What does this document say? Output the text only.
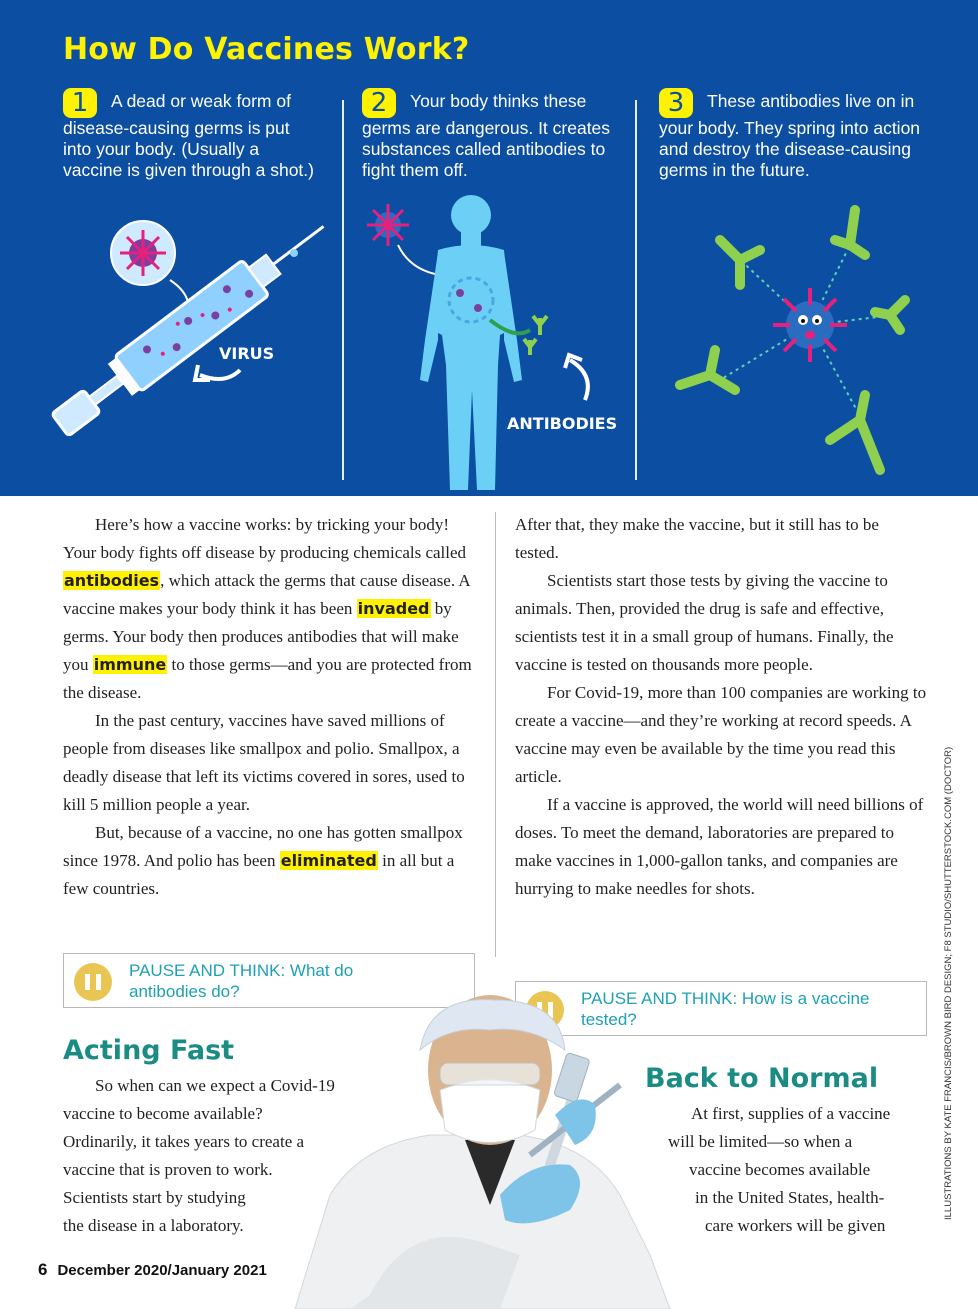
How Do Vaccines Work?
1 A dead or weak form of disease-causing germs is put into your body. (Usually a vaccine is given through a shot.)
2 Your body thinks these germs are dangerous. It creates substances called antibodies to fight them off.
3 These antibodies live on in your body. They spring into action and destroy the disease-causing germs in the future.
VIRUS
ANTIBODIES

Here’s how a vaccine works: by tricking your body! Your body fights off disease by producing chemicals called antibodies, which attack the germs that cause disease. A vaccine makes your body think it has been invaded by germs. Your body then produces antibodies that will make you immune to those germs—and you are protected from the disease.

In the past century, vaccines have saved millions of people from diseases like smallpox and polio. Smallpox, a deadly disease that left its victims covered in sores, used to kill 5 million people a year.

But, because of a vaccine, no one has gotten smallpox since 1978. And polio has been eliminated in all but a few countries.

PAUSE AND THINK: What do antibodies do?

After that, they make the vaccine, but it still has to be tested.

Scientists start those tests by giving the vaccine to animals. Then, provided the drug is safe and effective, scientists test it in a small group of humans. Finally, the vaccine is tested on thousands more people.

For Covid-19, more than 100 companies are working to create a vaccine—and they’re working at record speeds. A vaccine may even be available by the time you read this article.

If a vaccine is approved, the world will need billions of doses. To meet the demand, laboratories are prepared to make vaccines in 1,000-gallon tanks, and companies are hurrying to make needles for shots.

PAUSE AND THINK: How is a vaccine tested?
Acting Fast
So when can we expect a Covid-19
vaccine to become available?
Ordinarily, it takes years to create a
vaccine that is proven to work.
Scientists start by studying
the disease in a laboratory.
Back to Normal
At first, supplies of a vaccine
will be limited—so when a
vaccine becomes available
in the United States, health-
care workers will be given
ILLUSTRATIONS BY KATE FRANCIS/BROWN BIRD DESIGN; F8 STUDIO/SHUTTERSTOCK.COM (DOCTOR)
6 December 2020/January 2021
